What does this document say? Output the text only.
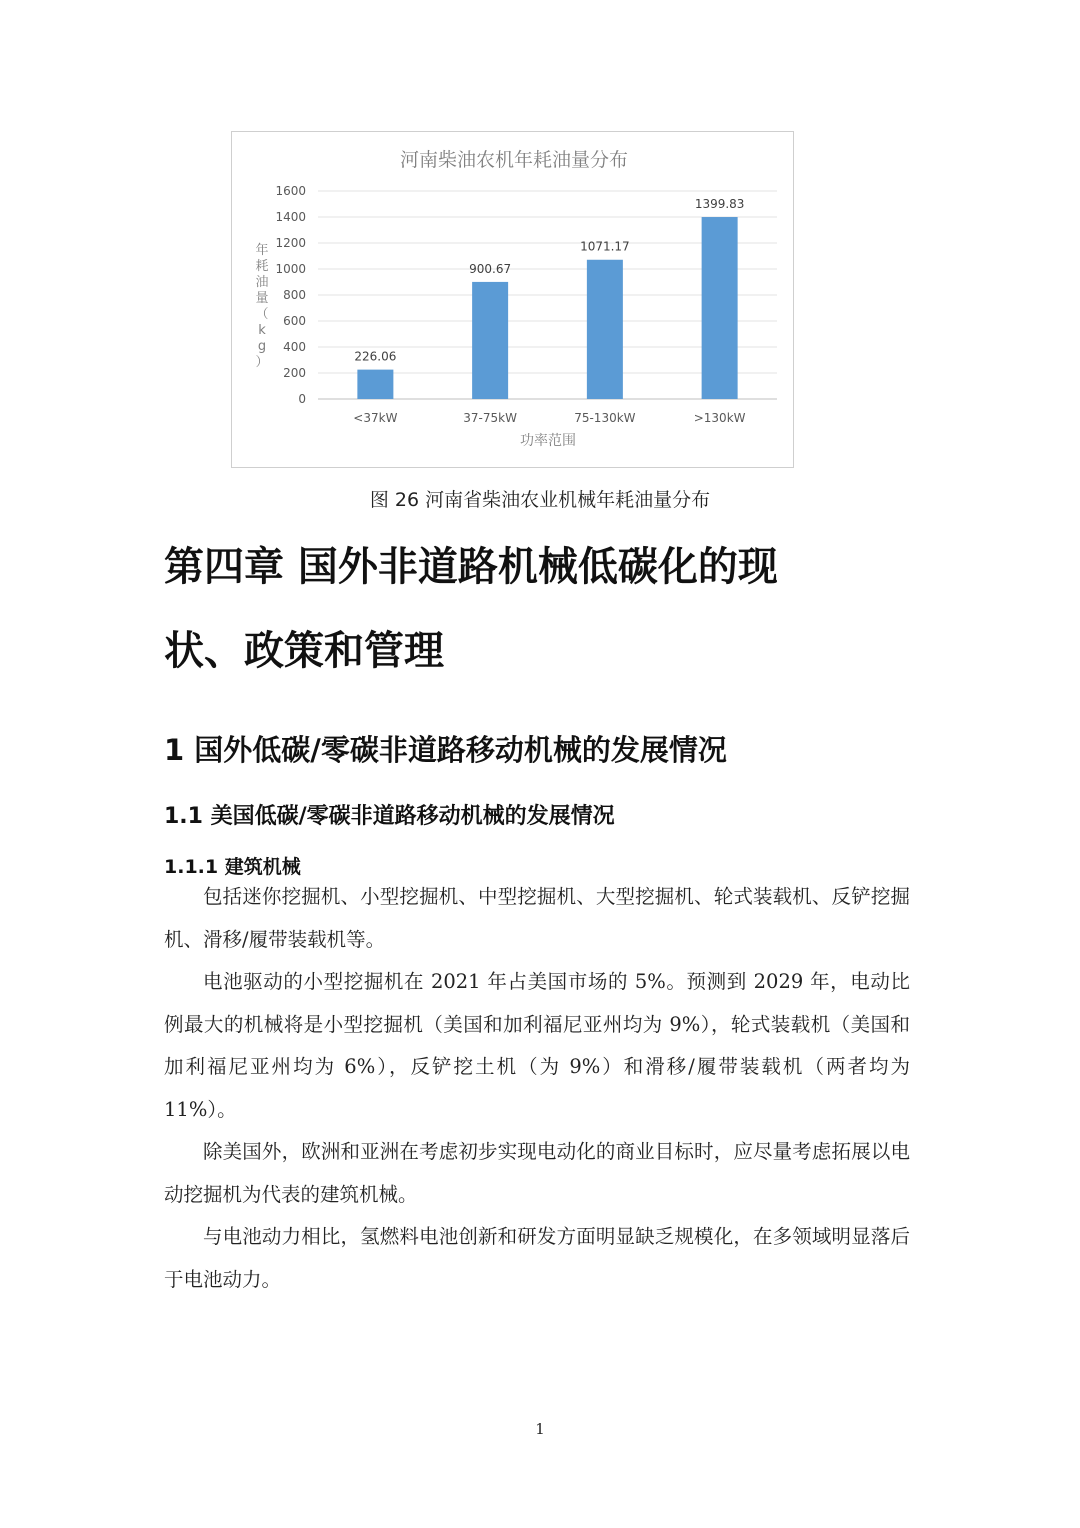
河南柴油农机年耗油量分布
0
200
400
600
800
1000
1200
1400
1600
226.06
<37kW
900.67
37-75kW
1071.17
75-130kW
1399.83
>130kW
功率范围
年耗油量（ k g ）
图 26 河南省柴油农业机械年耗油量分布
第四章 国外非道路机械低碳化的现
状、政策和管理
1 国外低碳/零碳非道路移动机械的发展情况
1.1 美国低碳/零碳非道路移动机械的发展情况
1.1.1 建筑机械

包括迷你挖掘机、小型挖掘机、中型挖掘机、大型挖掘机、轮式装载机、反铲挖掘机、滑移/履带装载机等。

电池驱动的小型挖掘机在 2021 年占美国市场的 5%。预测到 2029 年，电动比例最大的机械将是小型挖掘机（美国和加利福尼亚州均为 9%），轮式装载机（美国和加利福尼亚州均为 6%），反铲挖土机（为 9%）和滑移/履带装载机（两者均为 11%）。

除美国外，欧洲和亚洲在考虑初步实现电动化的商业目标时，应尽量考虑拓展以电动挖掘机为代表的建筑机械。

与电池动力相比，氢燃料电池创新和研发方面明显缺乏规模化，在多领域明显落后于电池动力。

1
